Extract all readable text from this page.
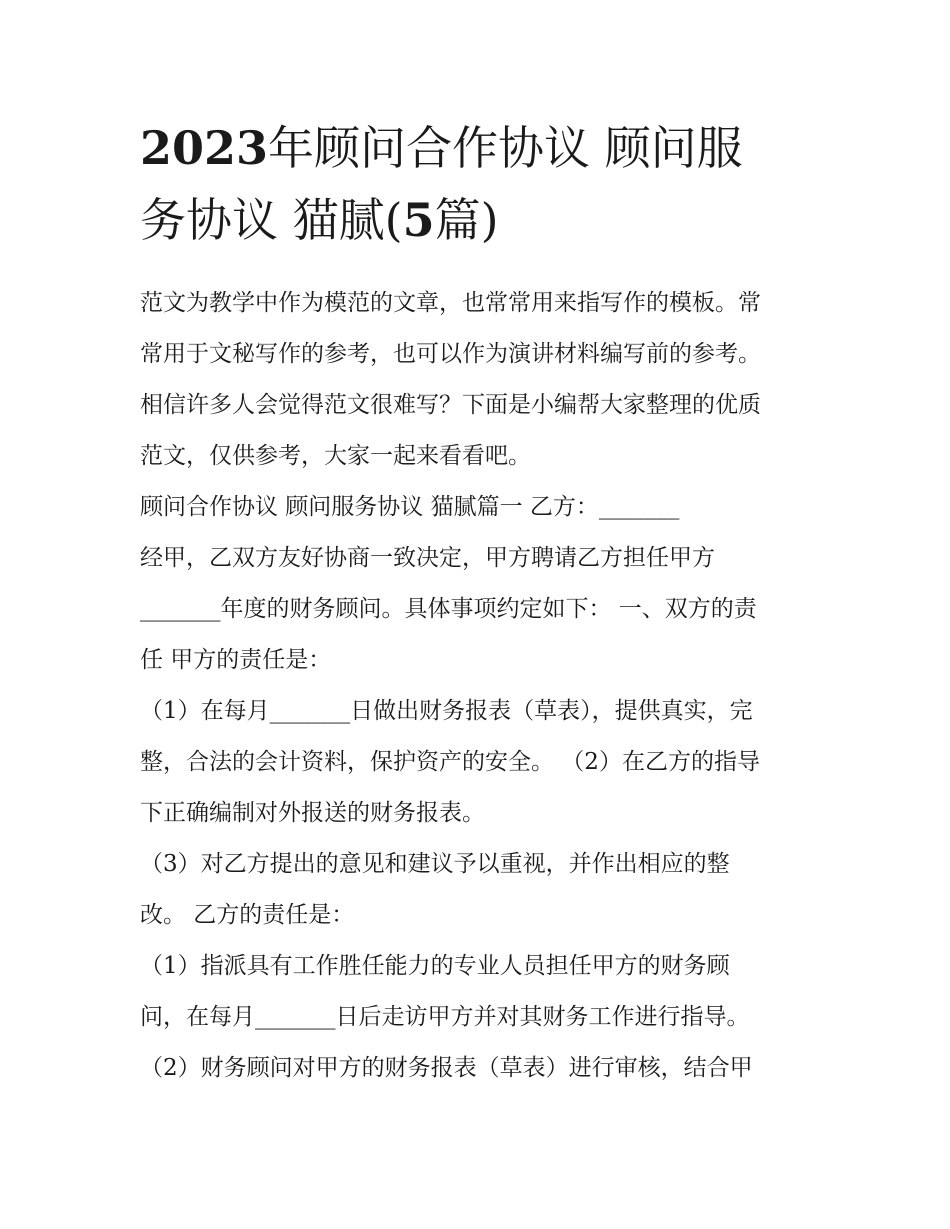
2023年顾问合作协议 顾问服
务协议 猫腻(5篇)

范文为教学中作为模范的文章，也常常用来指写作的模板。常

常用于文秘写作的参考，也可以作为演讲材料编写前的参考。

相信许多人会觉得范文很难写？下面是小编帮大家整理的优质

范文，仅供参考，大家一起来看看吧。

顾问合作协议 顾问服务协议 猫腻篇一 乙方：_______

经甲，乙双方友好协商一致决定，甲方聘请乙方担任甲方

_______年度的财务顾问。具体事项约定如下： 一、双方的责

任 甲方的责任是：

（1）在每月_______日做出财务报表（草表），提供真实，完

整，合法的会计资料，保护资产的安全。 （2）在乙方的指导

下正确编制对外报送的财务报表。

（3）对乙方提出的意见和建议予以重视，并作出相应的整

改。 乙方的责任是：

（1）指派具有工作胜任能力的专业人员担任甲方的财务顾

问，在每月_______日后走访甲方并对其财务工作进行指导。

（2）财务顾问对甲方的财务报表（草表）进行审核，结合甲
